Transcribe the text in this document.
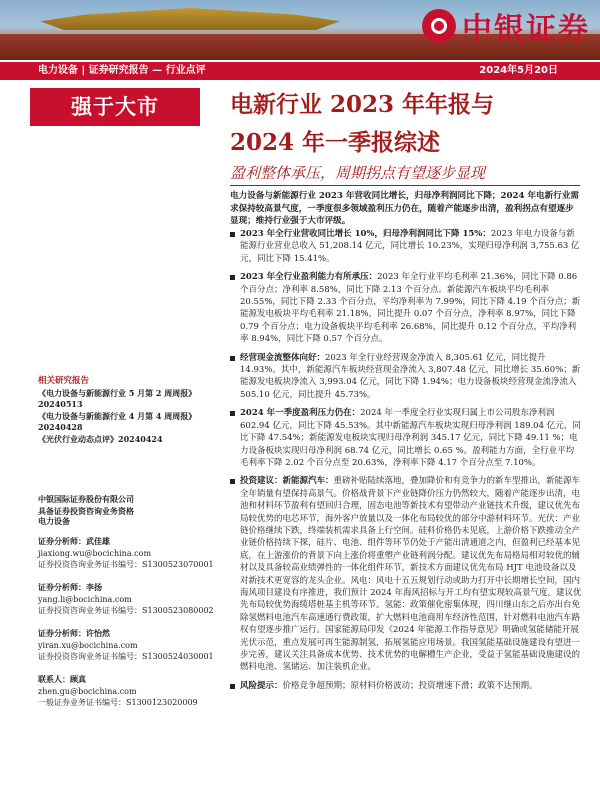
中银证券
电力设备 | 证券研究报告 — 行业点评	2024年5月20日
强于大市	电新行业 2023 年年报与
2024 年一季报综述
盈利整体承压，周期拐点有望逐步显现
电力设备与新能源行业 2023 年营收同比增长，归母净利润同比下降；2024 年电新行业需求保持较高景气度，一季度很多领域盈利压力仍在，随着产能逐步出清，盈利拐点有望逐步显现；维持行业强于大市评级。
2023 年全行业营收同比增长 10%，归母净利润同比下降 15%：2023 年电力设备与新能源行业营业总收入 51,208.14 亿元，同比增长 10.23%，实现归母净利润 3,755.63 亿元，同比下降 15.41%。
2023 年全行业盈利能力有所承压：2023 年全行业平均毛利率 21.36%，同比下降 0.86 个百分点；净利率 8.58%，同比下降 2.13 个百分点。新能源汽车板块平均毛利率 20.55%，同比下降 2.33 个百分点，平均净利率为 7.99%，同比下降 4.19 个百分点；新能源发电板块平均毛利率 21.18%，同比提升 0.07 个百分点，净利率 8.97%，同比下降 0.79 个百分点；电力设备板块平均毛利率 26.68%，同比提升 0.12 个百分点，平均净利率 8.94%，同比下降 0.57 个百分点。
经营现金流整体向好：2023 年全行业经营现金净流入 8,305.61 亿元，同比提升 14.93%。其中，新能源汽车板块经营现金净流入 3,807.48 亿元，同比增长 35.60%；新能源发电板块净流入 3,993.04 亿元，同比下降 1.94%；电力设备板块经营现金流净流入 505.10 亿元，同比提升 45.73%。
2024 年一季度盈利压力仍在：2024 年一季度全行业实现归属上市公司股东净利润 602.94 亿元，同比下降 45.53%。其中新能源汽车板块实现归母净利润 189.04 亿元，同比下降 47.54%；新能源发电板块实现归母净利润 345.17 亿元，同比下降 49.11 %；电力设备板块实现归母净利润 68.74 亿元，同比增长 0.65 %。盈利能力方面，全行业平均毛利率下降 2.02 个百分点至 20.63%，净利率下降 4.17 个百分点至 7.10%。
投资建议：新能源汽车：重磅补贴陆续落地，叠加降价和有竞争力的新车型推出，新能源车全年销量有望保持高景气。价格战背景下产业链降价压力仍然较大，随着产能逐步出清，电池和材料环节盈利有望回归合理，固态电池等新技术有望带动产业链技术升级，建议优先布局较优势的电芯环节，海外客户放量以及一体化布局较优的部分中游材料环节。光伏：产业链价格继续下跌，终端装机需求具备上行空间。硅料价格仍未见底，上游价格下跌推动全产业链价格持续下探，硅片、电池、组件等环节仍处于产能出清通道之内，但盈利已经基本见底，在上游涨价的背景下向上涨价将重塑产业链利润分配。建议优先布局格局相对较优的辅材以及具备较高业绩弹性的一体化组件环节，新技术方面建议优先布局 HJT 电池设备以及对新技术更宽容的龙头企业。风电：风电十五五规划行动或助力打开中长期增长空间，国内海风项目建设有序推进，我们预计 2024 年海风招标与开工均有望实现较高景气度，建议优先布局较优势海缆塔桩基主机等环节。氢能：政策催化密集体现，四川继山东之后亦出台免除氢燃料电池汽车高速通行费政策，扩大燃料电池商用车经济性范围，针对燃料电池汽车路权有望逐步推广运行。国家能源局印发《2024 年能源工作指导意见》明确或氢能储能开展光伏示范，重点发展可再生能源制氢，拓展氢能应用场景。我国氢能基础设施建设有望进一步完善，建议关注具备成本优势、技术优势的电解槽生产企业，受益于氢能基础设施建设的燃料电池、氢储运、加注装机企业。
风险提示：价格竞争超预期；原材料价格波动；投资增速下滑；政策不达预期。
相关研究报告
《电力设备与新能源行业 5 月第 2 周周报》
20240513
《电力设备与新能源行业 4 月第 4 周周报》
20240428
《光伏行业动态点评》20240424
中银国际证券股份有限公司
具备证券投资咨询业务资格
电力设备
证券分析师：武佳雄
jiaxiong.wu@bocichina.com
证券投资咨询业务证书编号：S1300523070001
证券分析师：李扬
yang.li@bocichina.com
证券投资咨询业务证书编号：S1300523080002
证券分析师：许怡然
yiran.xu@bocichina.com
证券投资咨询业务证书编号：S1300524030001
联系人：顾真
zhen.gu@bocichina.com
一般证券业务证书编号：S1300123020009
